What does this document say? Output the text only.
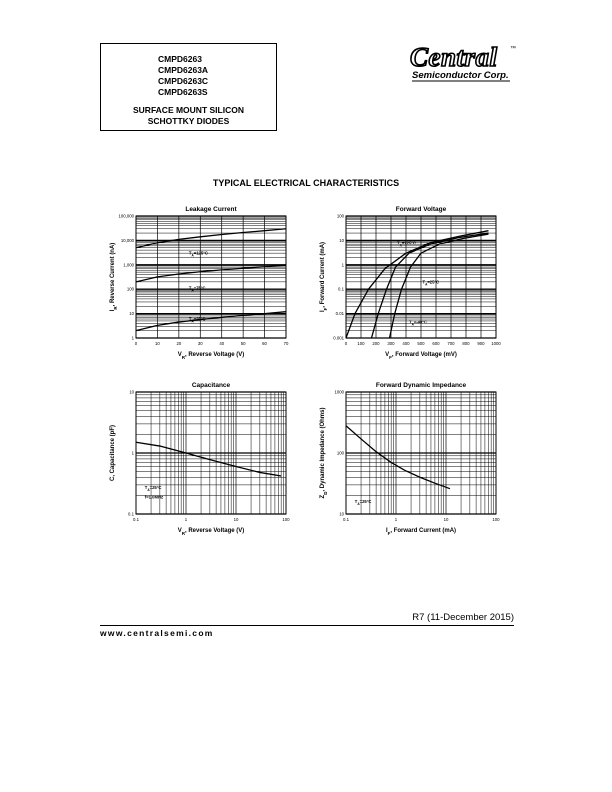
CMPD6263
CMPD6263A
CMPD6263C
CMPD6263S
SURFACE MOUNT SILICON
SCHOTTKY DIODES
Central ™
Semiconductor Corp.
TYPICAL ELECTRICAL CHARACTERISTICS
Leakage Current
0	10	20	30	40	50	60	70
1
10
100
1,000
10,000
100,000
$V_R$, Reverse Voltage (V)
$I_R$, Reverse Current (nA)	$T_A=125^\circ C$
$T_A=75^\circ C$
$T_A=25^\circ C$
Forward Voltage
0 100 200 300 400 500 600 700 800 900 1000
0.001
0.01
0.1
1
10
100
$V_F$, Forward Voltage (mV)
$I_F$, Forward Current (mA)	$T_A=125^\circ C$
$T_A=25^\circ C$
$T_A=-40^\circ C$
Capacitance
0.1	1	10	100
0.1
1
10
$V_R$, Reverse Voltage (V)
C, Capacitance (pF)
$T_A=25^\circ C$
f=1.0MHz
Forward Dynamic Impedance
0.1	1	10	100
10
100
1000
$I_F$, Forward Current (mA)
$Z_D$, Dynamic Impedance (Ohms)
$T_A=25^\circ C$
R7 (11-December 2015)
www.centralsemi.com
